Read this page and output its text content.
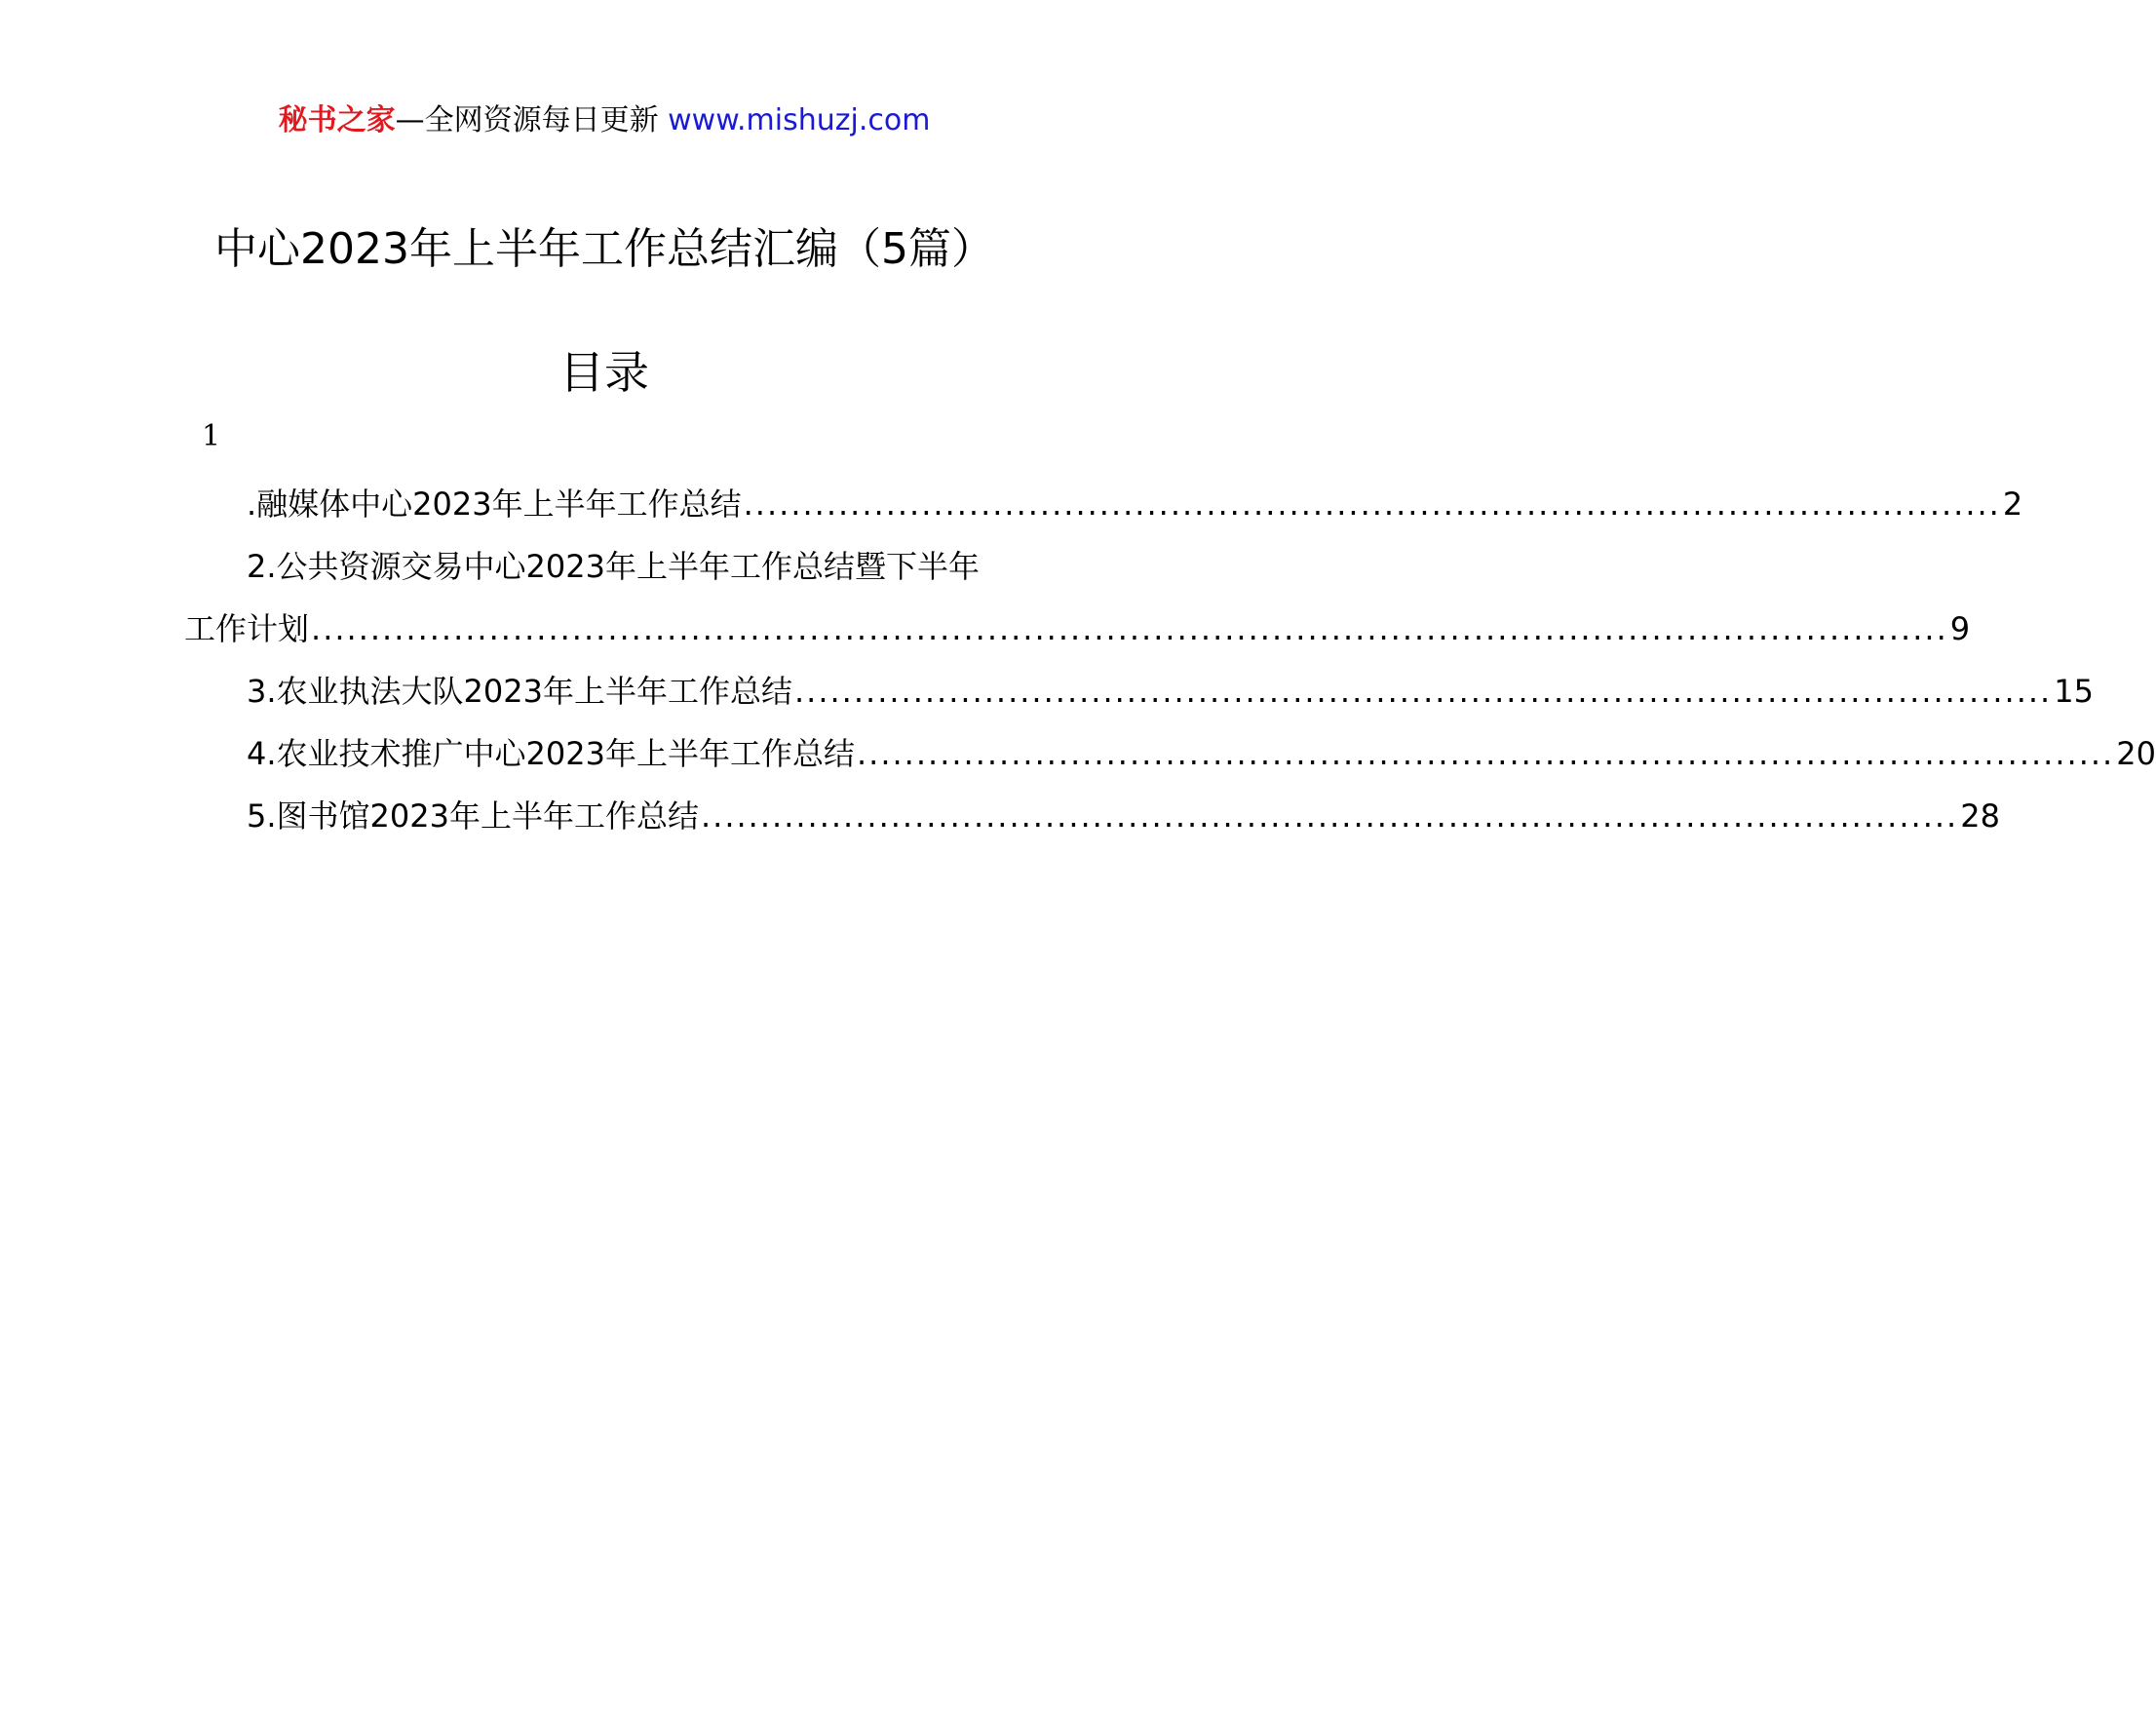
秘书之家—全网资源每日更新 www.mishuzj.com
中心2023年上半年工作总结汇编（5篇）
目录
1
.融媒体中心2023年上半年工作总结 .......................................................................................................... 2
2.公共资源交易中心2023年上半年工作总结暨下半年
工作计划 .......................................................................................................................................... 9
3.农业执法大队2023年上半年工作总结 .......................................................................................................... 15
4.农业技术推广中心2023年上半年工作总结 .......................................................................................................... 20
5.图书馆2023年上半年工作总结 .......................................................................................................... 28
